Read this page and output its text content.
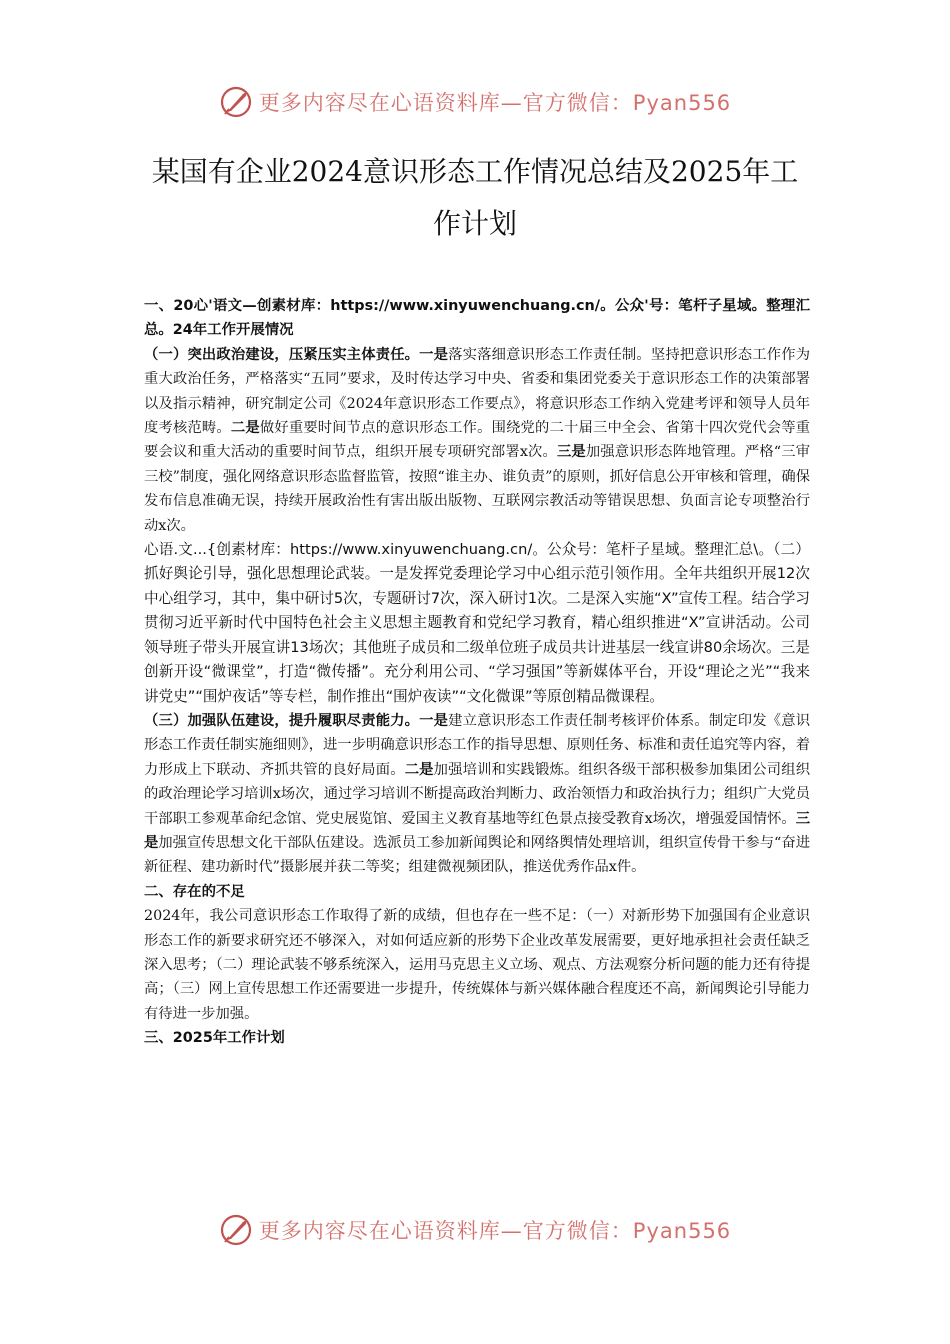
更多内容尽在心语资料库—官方微信：Pyan556
某国有企业2024意识形态工作情况总结及2025年工作计划

一、20心'语文—创素材库：https://www.xinyuwenchuang.cn/。公众'号：笔杆子星域。整理汇总。24年工作开展情况

（一）突出政治建设，压紧压实主体责任。一是落实落细意识形态工作责任制。坚持把意识形态工作作为重大政治任务，严格落实“五同”要求，及时传达学习中央、省委和集团党委关于意识形态工作的决策部署以及指示精神，研究制定公司《2024年意识形态工作要点》，将意识形态工作纳入党建考评和领导人员年度考核范畴。二是做好重要时间节点的意识形态工作。围绕党的二十届三中全会、省第十四次党代会等重要会议和重大活动的重要时间节点，组织开展专项研究部署x次。三是加强意识形态阵地管理。严格“三审三校”制度，强化网络意识形态监督监管，按照“谁主办、谁负责”的原则，抓好信息公开审核和管理，确保发布信息准确无误，持续开展政治性有害出版出版物、互联网宗教活动等错误思想、负面言论专项整治行动x次。

心语.文...{创素材库：https://www.xinyuwenchuang.cn/。公众号：笔杆子星域。整理汇总\。（二）抓好舆论引导，强化思想理论武装。一是发挥党委理论学习中心组示范引领作用。全年共组织开展12次中心组学习，其中，集中研讨5次，专题研讨7次，深入研讨1次。二是深入实施“X”宣传工程。结合学习贯彻习近平新时代中国特色社会主义思想主题教育和党纪学习教育，精心组织推进“X”宣讲活动。公司领导班子带头开展宣讲13场次；其他班子成员和二级单位班子成员共计进基层一线宣讲80余场次。三是创新开设“微课堂”，打造“微传播”。充分利用公司、“学习强国”等新媒体平台，开设“理论之光”“我来讲党史”“围炉夜话”等专栏，制作推出“围炉夜读”“文化微课”等原创精品微课程。

（三）加强队伍建设，提升履职尽责能力。一是建立意识形态工作责任制考核评价体系。制定印发《意识形态工作责任制实施细则》，进一步明确意识形态工作的指导思想、原则任务、标准和责任追究等内容，着力形成上下联动、齐抓共管的良好局面。二是加强培训和实践锻炼。组织各级干部积极参加集团公司组织的政治理论学习培训x场次，通过学习培训不断提高政治判断力、政治领悟力和政治执行力；组织广大党员干部职工参观革命纪念馆、党史展览馆、爱国主义教育基地等红色景点接受教育x场次，增强爱国情怀。三是加强宣传思想文化干部队伍建设。选派员工参加新闻舆论和网络舆情处理培训，组织宣传骨干参与“奋进新征程、建功新时代”摄影展并获二等奖；组建微视频团队，推送优秀作品x件。

二、存在的不足

2024年，我公司意识形态工作取得了新的成绩，但也存在一些不足：（一）对新形势下加强国有企业意识形态工作的新要求研究还不够深入，对如何适应新的形势下企业改革发展需要，更好地承担社会责任缺乏深入思考；（二）理论武装不够系统深入，运用马克思主义立场、观点、方法观察分析问题的能力还有待提高；（三）网上宣传思想工作还需要进一步提升，传统媒体与新兴媒体融合程度还不高，新闻舆论引导能力有待进一步加强。

三、2025年工作计划

更多内容尽在心语资料库—官方微信：Pyan556
